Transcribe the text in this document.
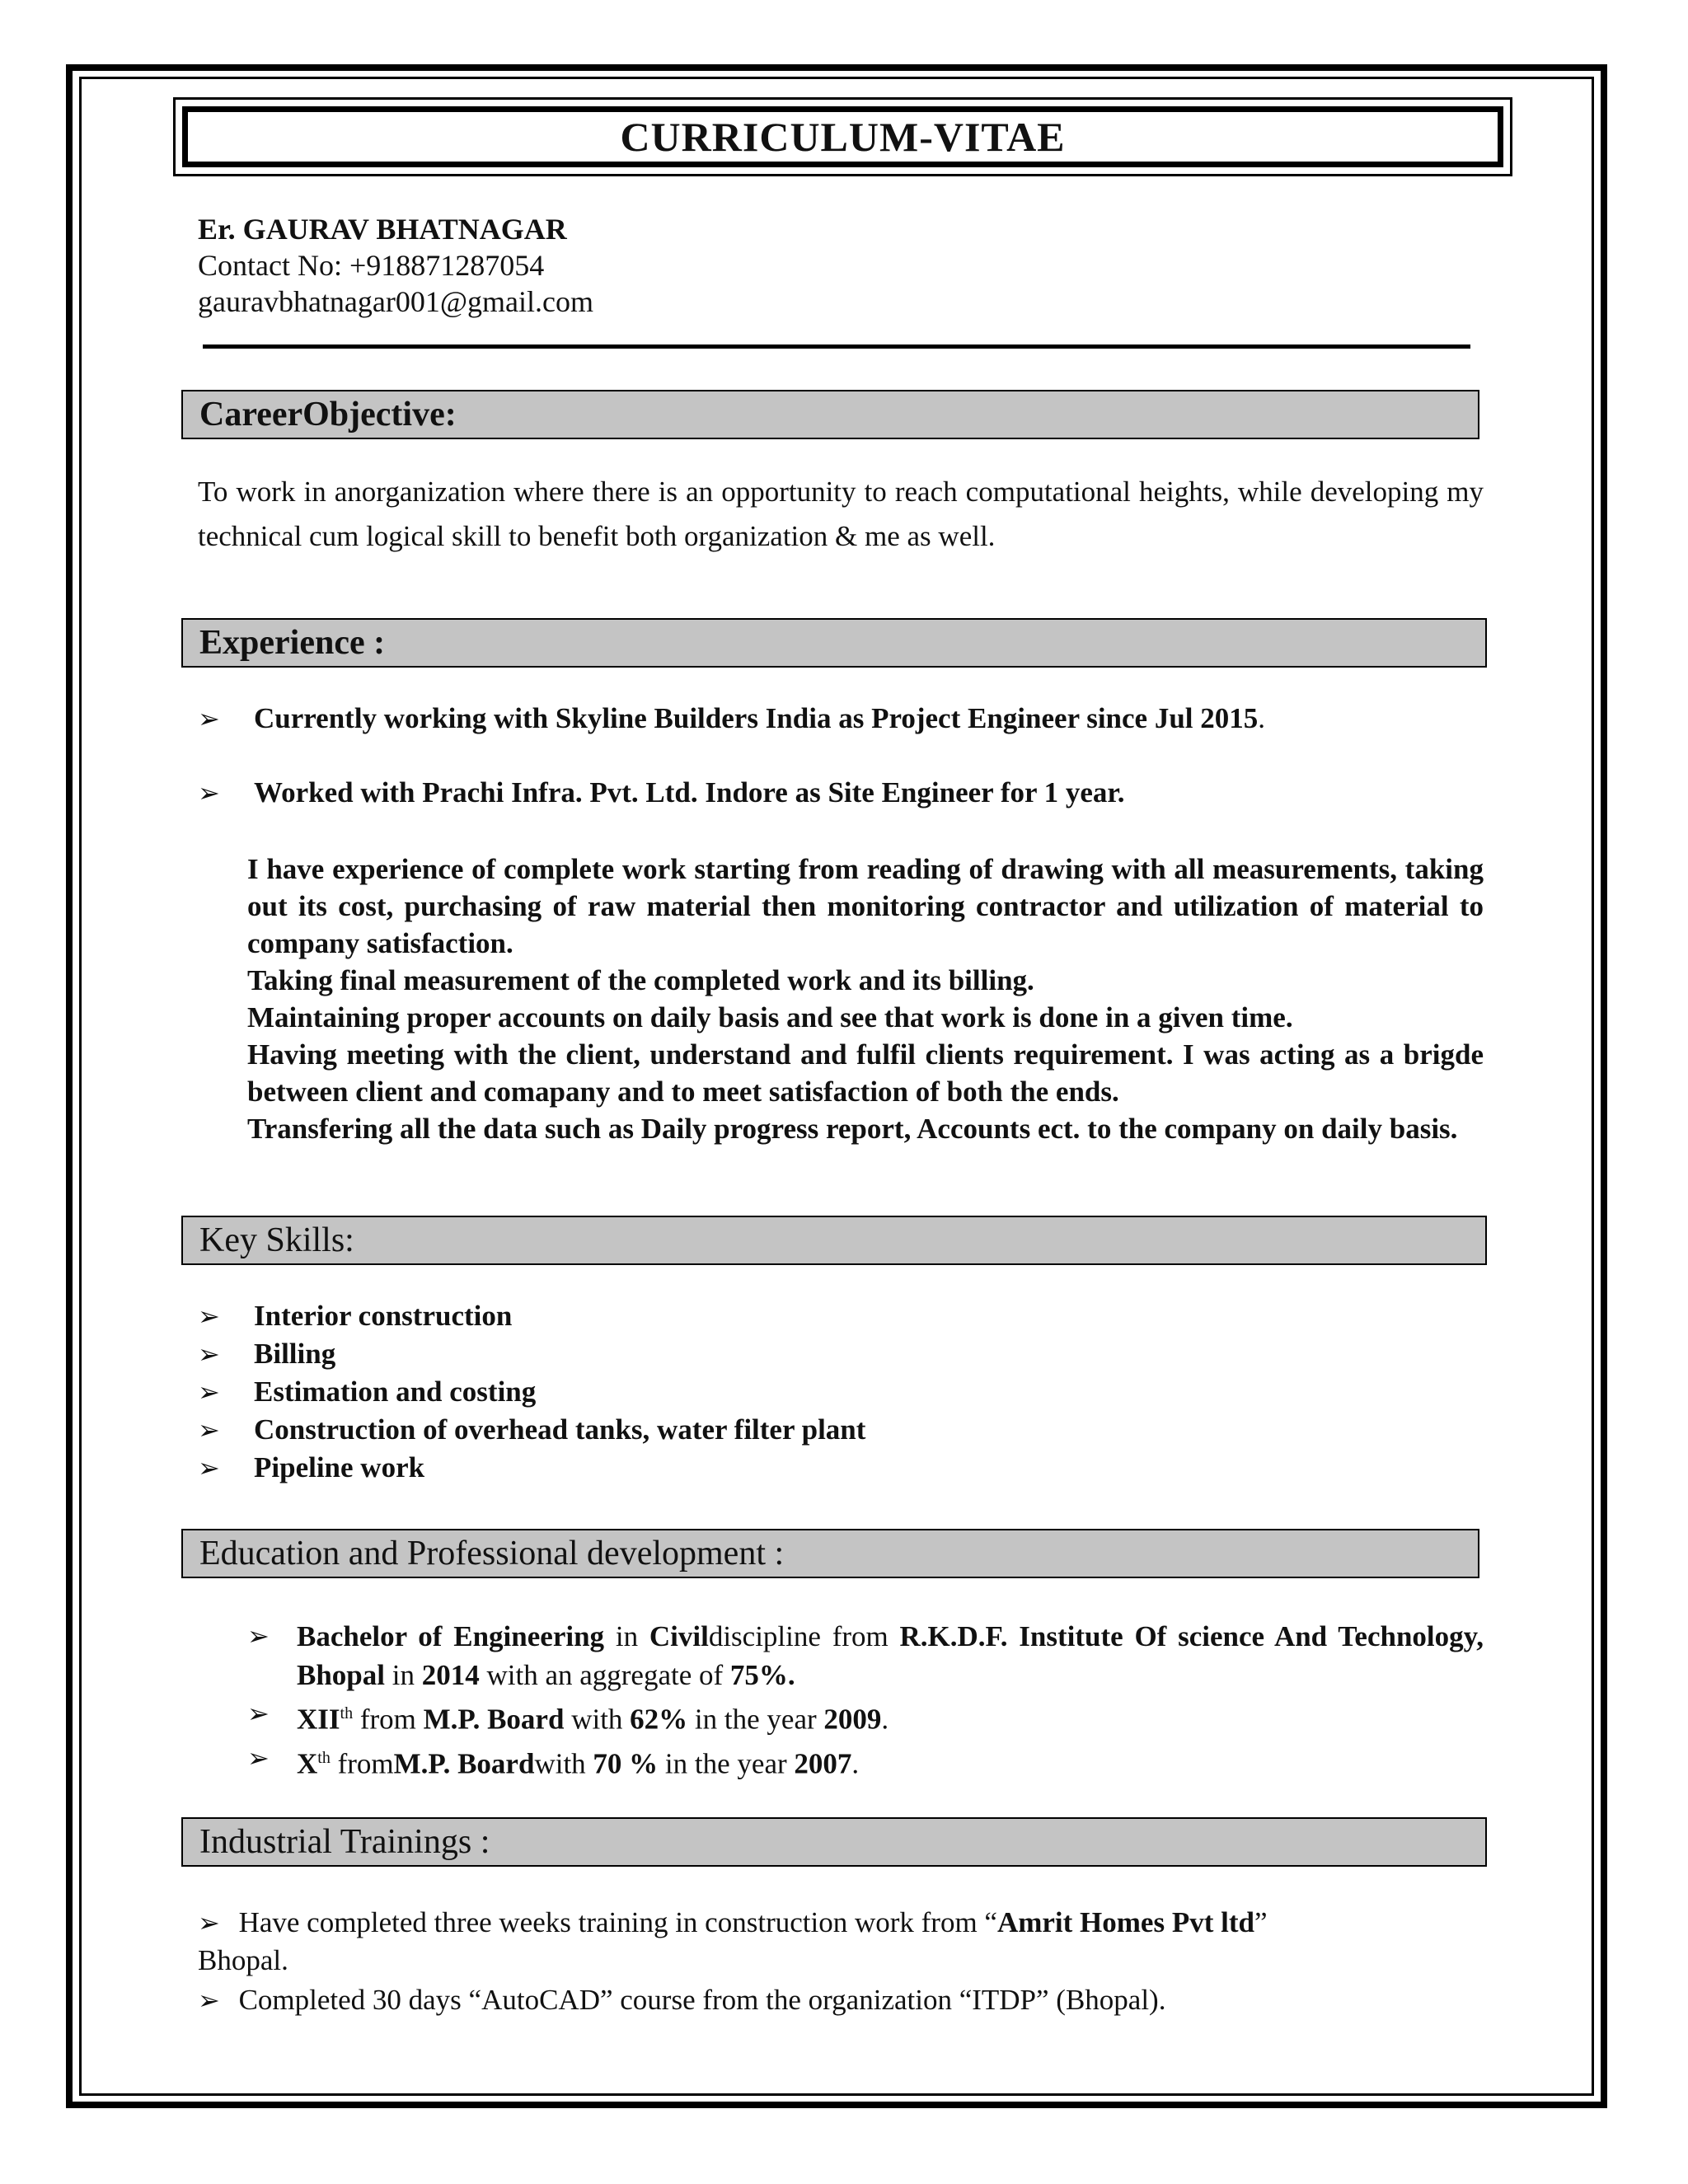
CURRICULUM-VITAE
Er. GAURAV BHATNAGAR
Contact No: +918871287054
gauravbhatnagar001@gmail.com
CareerObjective:
To work in anorganization where there is an opportunity to reach computational heights, while developing my technical cum logical skill to benefit both organization & me as well.
Experience :
➢	Currently working with Skyline Builders India as Project Engineer since Jul 2015.
➢	Worked with Prachi Infra. Pvt. Ltd. Indore as Site Engineer for 1 year.

I have experience of complete work starting from reading of drawing with all measurements, taking out its cost, purchasing of raw material then monitoring contractor and utilization of material to company satisfaction.

Taking final measurement of the completed work and its billing.

Maintaining proper accounts on daily basis and see that work is done in a given time.

Having meeting with the client, understand and fulfil clients requirement. I was acting as a brigde between client and comapany and to meet satisfaction of both the ends.

Transfering all the data such as Daily progress report, Accounts ect. to the company on daily basis.

Key Skills:
➢	Interior construction
➢	Billing
➢	Estimation and costing
➢	Construction of overhead tanks, water filter plant
➢	Pipeline work
Education and Professional development :
➢ Bachelor of Engineering in Civildiscipline from R.K.D.F. Institute Of science And Technology, Bhopal in 2014 with an aggregate of 75%.
➢ XIIth from M.P. Board with 62% in the year 2009.
➢ Xth fromM.P. Boardwith 70 % in the year 2007.
Industrial Trainings :
➢ Have completed three weeks training in construction work from “Amrit Homes Pvt ltd”
Bhopal.
➢ Completed 30 days “AutoCAD” course from the organization “ITDP” (Bhopal).
